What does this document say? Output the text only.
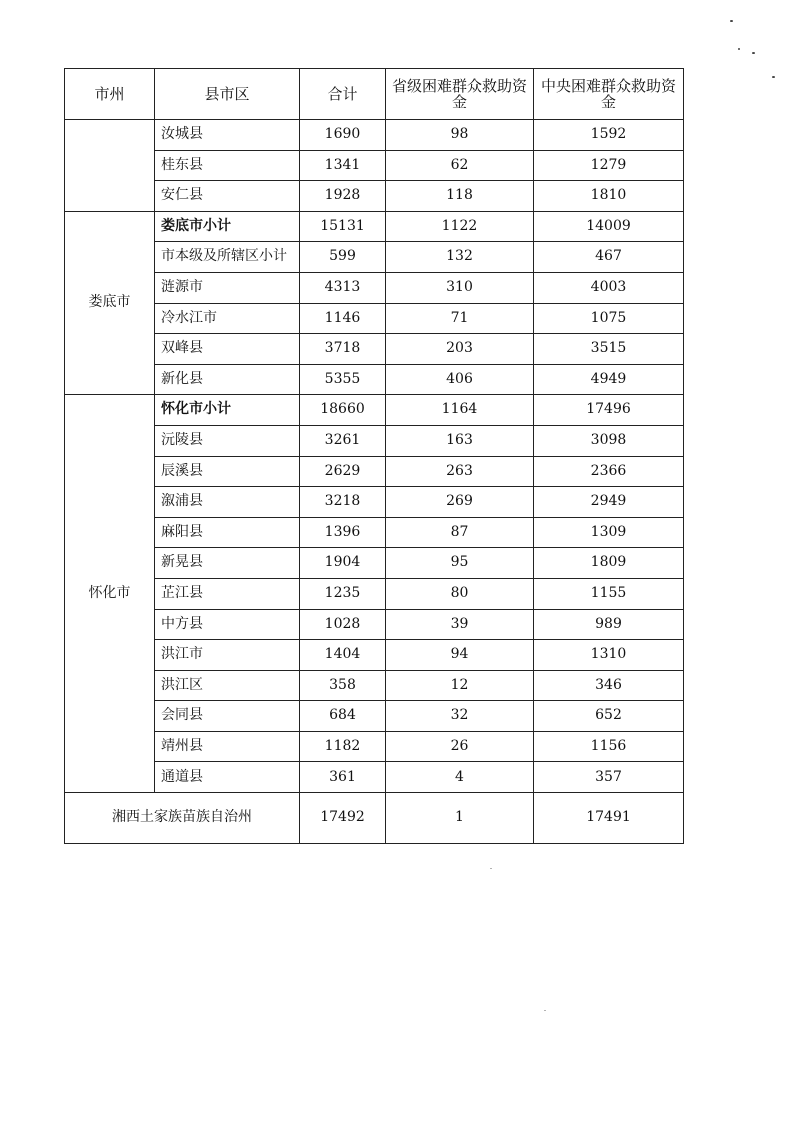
市州	县市区	合计	省级困难群众救助资金	中央困难群众救助资金
	汝城县	1690	98	1592
	桂东县	1341	62	1279
	安仁县	1928	118	1810
娄底市	娄底市小计	15131	1122	14009
	市本级及所辖区小计	599	132	467
	涟源市	4313	310	4003
	冷水江市	1146	71	1075
	双峰县	3718	203	3515
	新化县	5355	406	4949
怀化市	怀化市小计	18660	1164	17496
	沅陵县	3261	163	3098
	辰溪县	2629	263	2366
	溆浦县	3218	269	2949
	麻阳县	1396	87	1309
	新晃县	1904	95	1809
	芷江县	1235	80	1155
	中方县	1028	39	989
	洪江市	1404	94	1310
	洪江区	358	12	346
	会同县	684	32	652
	靖州县	1182	26	1156
	通道县	361	4	357
湘西土家族苗族自治州		17492	1	17491
